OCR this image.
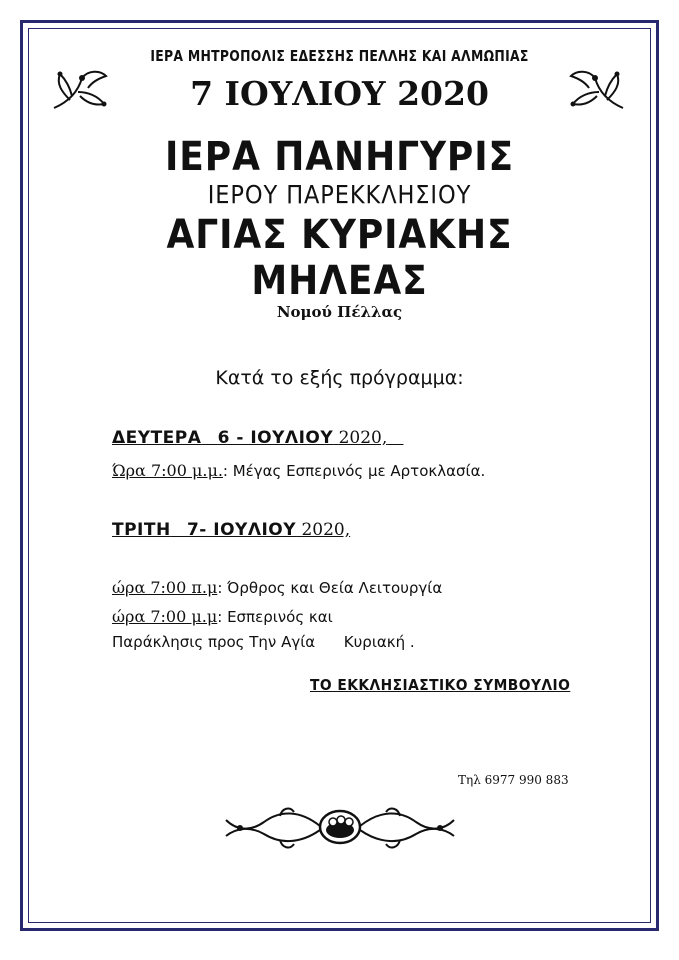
ΙΕΡΑ ΜΗΤΡΟΠΟΛΙΣ ΕΔΕΣΣΗΣ ΠΕΛΛΗΣ ΚΑΙ ΑΛΜΩΠΙΑΣ
7 ΙΟΥΛΙΟΥ 2020
ΙΕΡΑ ΠΑΝΗΓΥΡΙΣ
ΙΕΡΟΥ ΠΑΡΕΚΚΛΗΣΙΟΥ
ΑΓΙΑΣ ΚΥΡΙΑΚΗΣ
ΜΗΛΕΑΣ
Νομού Πέλλας
Κατά το εξής πρόγραμμα:
ΔΕΥΤΕΡΑ 6 - ΙΟΥΛΙΟΥ 2020,
Ώρα 7:00 μ.μ.: Μέγας Εσπερινός με Αρτοκλασία.
ΤΡΙΤΗ 7- ΙΟΥΛΙΟΥ 2020,
ώρα 7:00 π.μ: Όρθρος και Θεία Λειτουργία
ώρα 7:00 μ.μ: Εσπερινός και
Παράκλησις προς Την Αγία      Κυριακή .
ΤΟ ΕΚΚΛΗΣΙΑΣΤΙΚΟ ΣΥΜΒΟΥΛΙΟ
Τηλ 6977 990 883
